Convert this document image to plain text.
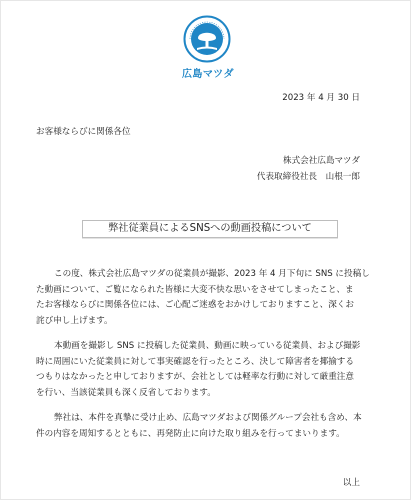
広島マツダ
2023 年 4 月 30 日
お客様ならびに関係各位
株式会社広島マツダ
代表取締役社長　山根一郎
弊社従業員によるSNSへの動画投稿について
この度、株式会社広島マツダの従業員が撮影、2023 年 4 月下旬に SNS に投稿し
た動画について、ご覧になられた皆様に大変不快な思いをさせてしまったこと、ま
たお客様ならびに関係各位には、ご心配ご迷惑をおかけしておりますこと、深くお
詫び申し上げます。
本動画を撮影し SNS に投稿した従業員、動画に映っている従業員、および撮影
時に周囲にいた従業員に対して事実確認を行ったところ、決して障害者を揶揄する
つもりはなかったと申しておりますが、会社としては軽率な行動に対して厳重注意
を行い、当該従業員も深く反省しております。
弊社は、本件を真摯に受け止め、広島マツダおよび関係グループ会社も含め、本
件の内容を周知するとともに、再発防止に向けた取り組みを行ってまいります。
以上
